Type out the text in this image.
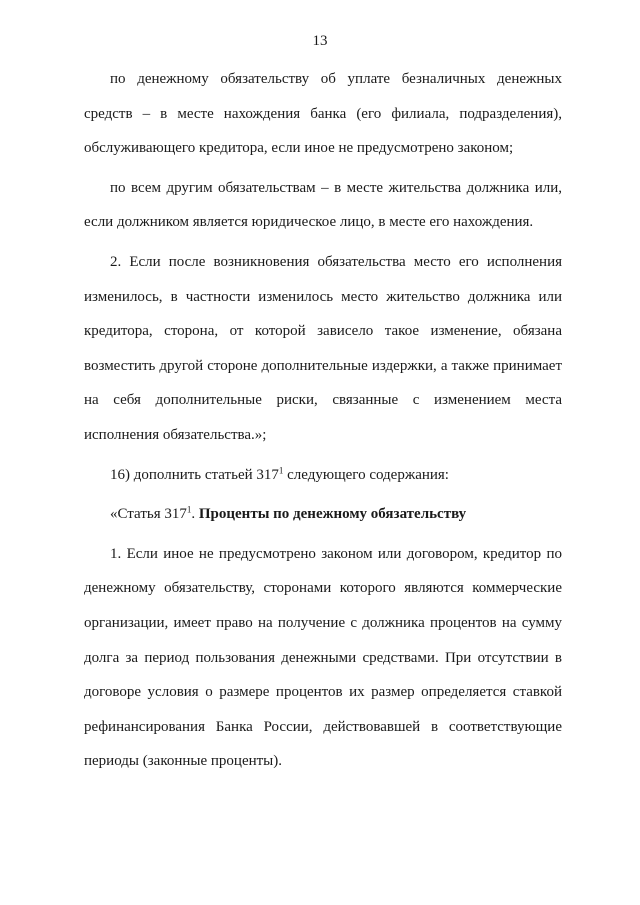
13

по денежному обязательству об уплате безналичных денежных средств – в месте нахождения банка (его филиала, подразделения), обслуживающего кредитора, если иное не предусмотрено законом;

по всем другим обязательствам – в месте жительства должника или, если должником является юридическое лицо, в месте его нахождения.

2. Если после возникновения обязательства место его исполнения изменилось, в частности изменилось место жительство должника или кредитора, сторона, от которой зависело такое изменение, обязана возместить другой стороне дополнительные издержки, а также принимает на себя дополнительные риски, связанные с изменением места исполнения обязательства.»;

16) дополнить статьей $317^1$ следующего содержания:

«Статья $317^1$. Проценты по денежному обязательству

1. Если иное не предусмотрено законом или договором, кредитор по денежному обязательству, сторонами которого являются коммерческие организации, имеет право на получение с должника процентов на сумму долга за период пользования денежными средствами. При отсутствии в договоре условия о размере процентов их размер определяется ставкой рефинансирования Банка России, действовавшей в соответствующие периоды (законные проценты).
